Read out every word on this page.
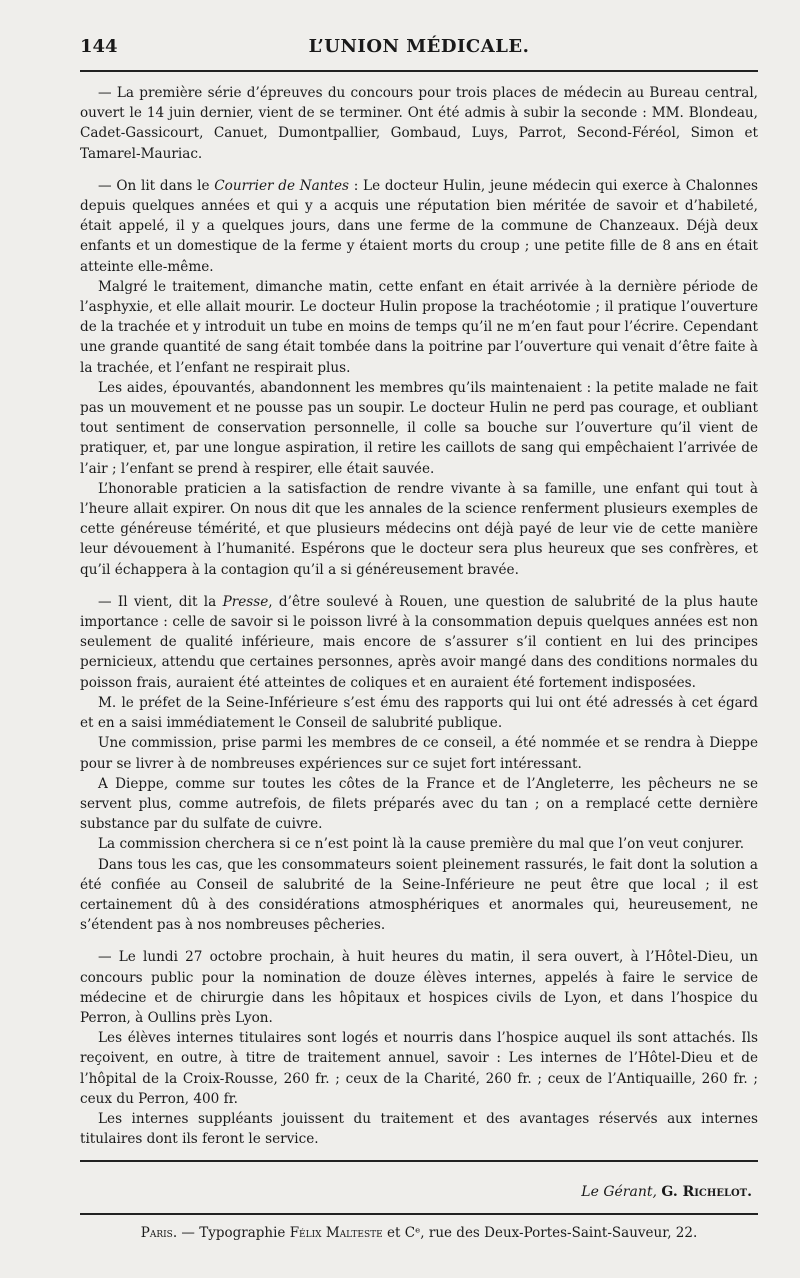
144	L’UNION MÉDICALE.

— La première série d’épreuves du concours pour trois places de médecin au Bureau central, ouvert le 14 juin dernier, vient de se terminer. Ont été admis à subir la seconde : MM. Blondeau, Cadet-Gassicourt, Canuet, Dumontpallier, Gombaud, Luys, Parrot, Second-Féréol, Simon et Tamarel-Mauriac.

— On lit dans le Courrier de Nantes : Le docteur Hulin, jeune médecin qui exerce à Chalonnes depuis quelques années et qui y a acquis une réputation bien méritée de savoir et d’habileté, était appelé, il y a quelques jours, dans une ferme de la commune de Chanzeaux. Déjà deux enfants et un domestique de la ferme y étaient morts du croup ; une petite fille de 8 ans en était atteinte elle-même.

Malgré le traitement, dimanche matin, cette enfant en était arrivée à la dernière période de l’asphyxie, et elle allait mourir. Le docteur Hulin propose la trachéotomie ; il pratique l’ouverture de la trachée et y introduit un tube en moins de temps qu’il ne m’en faut pour l’écrire. Cependant une grande quantité de sang était tombée dans la poitrine par l’ouverture qui venait d’être faite à la trachée, et l’enfant ne respirait plus.

Les aides, épouvantés, abandonnent les membres qu’ils maintenaient : la petite malade ne fait pas un mouvement et ne pousse pas un soupir. Le docteur Hulin ne perd pas courage, et oubliant tout sentiment de conservation personnelle, il colle sa bouche sur l’ouverture qu’il vient de pratiquer, et, par une longue aspiration, il retire les caillots de sang qui empêchaient l’arrivée de l’air ; l’enfant se prend à respirer, elle était sauvée.

L’honorable praticien a la satisfaction de rendre vivante à sa famille, une enfant qui tout à l’heure allait expirer. On nous dit que les annales de la science renferment plusieurs exemples de cette généreuse témérité, et que plusieurs médecins ont déjà payé de leur vie de cette manière leur dévouement à l’humanité. Espérons que le docteur sera plus heureux que ses confrères, et qu’il échappera à la contagion qu’il a si généreusement bravée.

— Il vient, dit la Presse, d’être soulevé à Rouen, une question de salubrité de la plus haute importance : celle de savoir si le poisson livré à la consommation depuis quelques années est non seulement de qualité inférieure, mais encore de s’assurer s’il contient en lui des principes pernicieux, attendu que certaines personnes, après avoir mangé dans des conditions normales du poisson frais, auraient été atteintes de coliques et en auraient été fortement indisposées.

M. le préfet de la Seine-Inférieure s’est ému des rapports qui lui ont été adressés à cet égard et en a saisi immédiatement le Conseil de salubrité publique.

Une commission, prise parmi les membres de ce conseil, a été nommée et se rendra à Dieppe pour se livrer à de nombreuses expériences sur ce sujet fort intéressant.

A Dieppe, comme sur toutes les côtes de la France et de l’Angleterre, les pêcheurs ne se servent plus, comme autrefois, de filets préparés avec du tan ; on a remplacé cette dernière substance par du sulfate de cuivre.

La commission cherchera si ce n’est point là la cause première du mal que l’on veut conjurer.

Dans tous les cas, que les consommateurs soient pleinement rassurés, le fait dont la solution a été confiée au Conseil de salubrité de la Seine-Inférieure ne peut être que local ; il est certainement dû à des considérations atmosphériques et anormales qui, heureusement, ne s’étendent pas à nos nombreuses pêcheries.

— Le lundi 27 octobre prochain, à huit heures du matin, il sera ouvert, à l’Hôtel-Dieu, un concours public pour la nomination de douze élèves internes, appelés à faire le service de médecine et de chirurgie dans les hôpitaux et hospices civils de Lyon, et dans l’hospice du Perron, à Oullins près Lyon.

Les élèves internes titulaires sont logés et nourris dans l’hospice auquel ils sont attachés. Ils reçoivent, en outre, à titre de traitement annuel, savoir : Les internes de l’Hôtel-Dieu et de l’hôpital de la Croix-Rousse, 260 fr. ; ceux de la Charité, 260 fr. ; ceux de l’Antiquaille, 260 fr. ; ceux du Perron, 400 fr.

Les internes suppléants jouissent du traitement et des avantages réservés aux internes titulaires dont ils feront le service.

Le Gérant, G. Richelot.
Paris. — Typographie Félix Malteste et Cᵉ, rue des Deux-Portes-Saint-Sauveur, 22.
